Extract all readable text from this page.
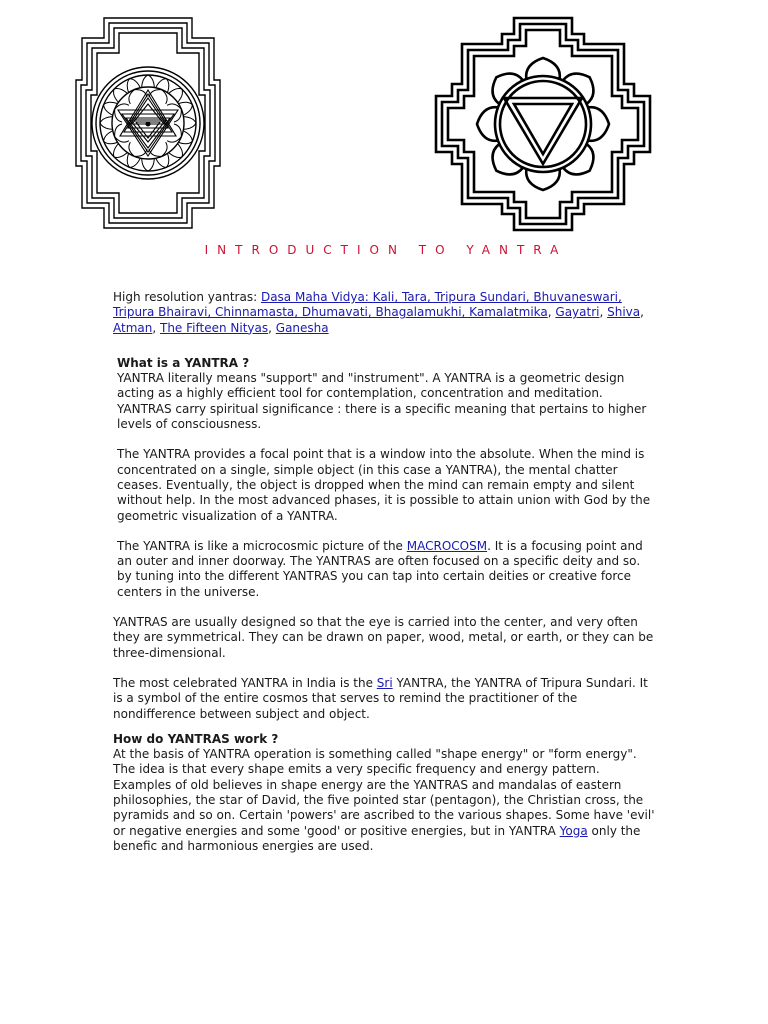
INTRODUCTION TO YANTRA

High resolution yantras: Dasa Maha Vidya: Kali, Tara, Tripura Sundari, Bhuvaneswari, Tripura Bhairavi, Chinnamasta, Dhumavati, Bhagalamukhi, Kamalatmika, Gayatri, Shiva, Atman, The Fifteen Nityas, Ganesha

What is a YANTRA ?

YANTRA literally means "support" and "instrument". A YANTRA is a geometric design acting as a highly efficient tool for contemplation, concentration and meditation. YANTRAS carry spiritual significance : there is a specific meaning that pertains to higher levels of consciousness.

The YANTRA provides a focal point that is a window into the absolute. When the mind is concentrated on a single, simple object (in this case a YANTRA), the mental chatter ceases. Eventually, the object is dropped when the mind can remain empty and silent without help. In the most advanced phases, it is possible to attain union with God by the geometric visualization of a YANTRA.

The YANTRA is like a microcosmic picture of the MACROCOSM. It is a focusing point and an outer and inner doorway. The YANTRAS are often focused on a specific deity and so. by tuning into the different YANTRAS you can tap into certain deities or creative force centers in the universe.

YANTRAS are usually designed so that the eye is carried into the center, and very often they are symmetrical. They can be drawn on paper, wood, metal, or earth, or they can be three-dimensional.

The most celebrated YANTRA in India is the Sri YANTRA, the YANTRA of Tripura Sundari. It is a symbol of the entire cosmos that serves to remind the practitioner of the nondifference between subject and object.

How do YANTRAS work ?

At the basis of YANTRA operation is something called "shape energy" or "form energy". The idea is that every shape emits a very specific frequency and energy pattern. Examples of old believes in shape energy are the YANTRAS and mandalas of eastern philosophies, the star of David, the five pointed star (pentagon), the Christian cross, the pyramids and so on. Certain 'powers' are ascribed to the various shapes. Some have 'evil' or negative energies and some 'good' or positive energies, but in YANTRA Yoga only the benefic and harmonious energies are used.
